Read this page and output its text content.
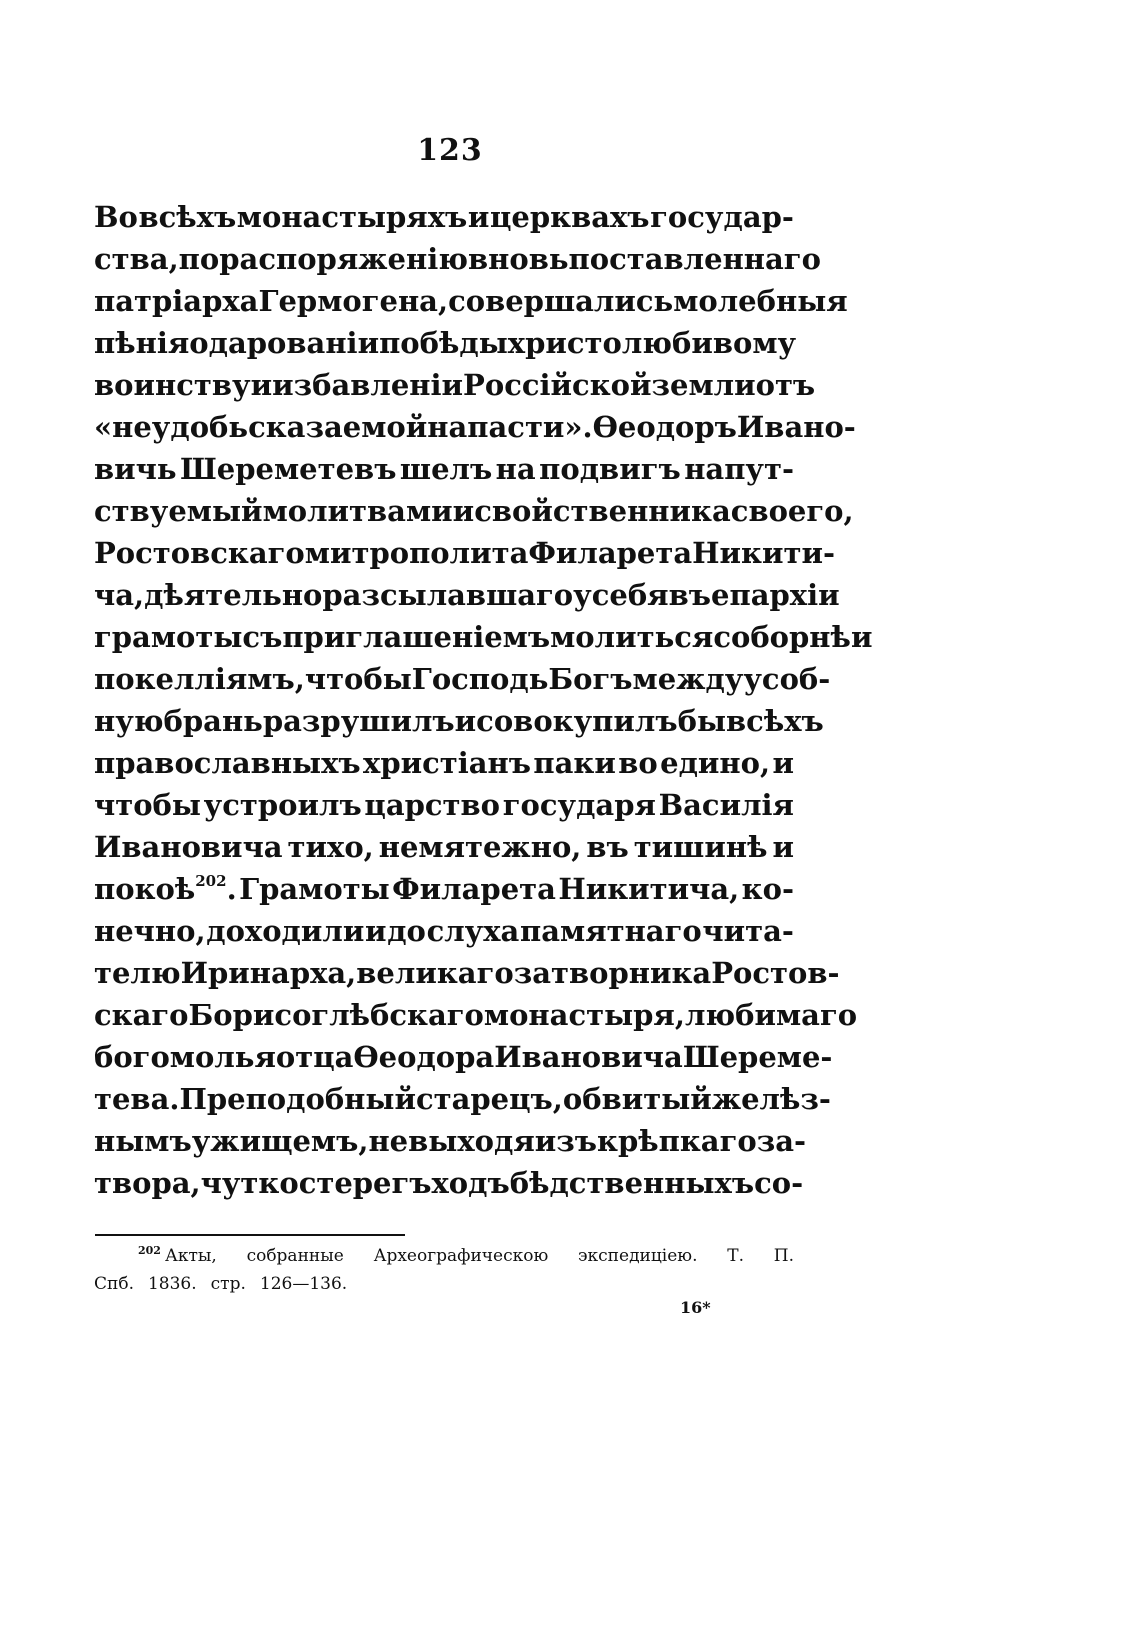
123
Во всѣхъ монастыряхъ и церквахъ государ-
ства, по распоряженію вновь поставленнаго
патріарха Гермогена, совершались молебныя
пѣнія о дарованіи побѣды христолюбивому
воинству и избавленіи Россійской земли отъ
«неудобьсказаемой напасти». Ѳеодоръ Ивано-
вичь Шереметевъ шелъ на подвигъ напут-
ствуемый молитвами и свойственника своего,
Ростовскаго митрополита Филарета Никити-
ча, дѣятельно разсылавшаго у себя въ епархіи
грамоты съ приглашеніемъ молиться соборнѣ и
по келліямъ, чтобы Господь Богъ междуусоб-
ную брань разрушилъ и совокупилъ бы всѣхъ
православныхъ христіанъ паки во едино, и
чтобы устроилъ царство государя Василія
Ивановича тихо, немятежно, въ тишинѣ и
покоѣ$^{202}$. Грамоты Филарета Никитича, ко-
нечно, доходили и до слуха памятнаго чита-
телю Иринарха, великаго затворника Ростов-
скаго Борисоглѣбскаго монастыря, любимаго
богомолья отца Ѳеодора Ивановича Шереме-
тева. Преподобный старецъ, обвитый желѣз-
нымъ ужищемъ, не выходя изъ крѣпкаго за-
твора, чутко стерегъ ходъ бѣдственныхъ со-
$^{202}$ Акты, собранные Археографическою экспедиціею. Т. П.
Спб. 1836. стр. 126—136.
16*
